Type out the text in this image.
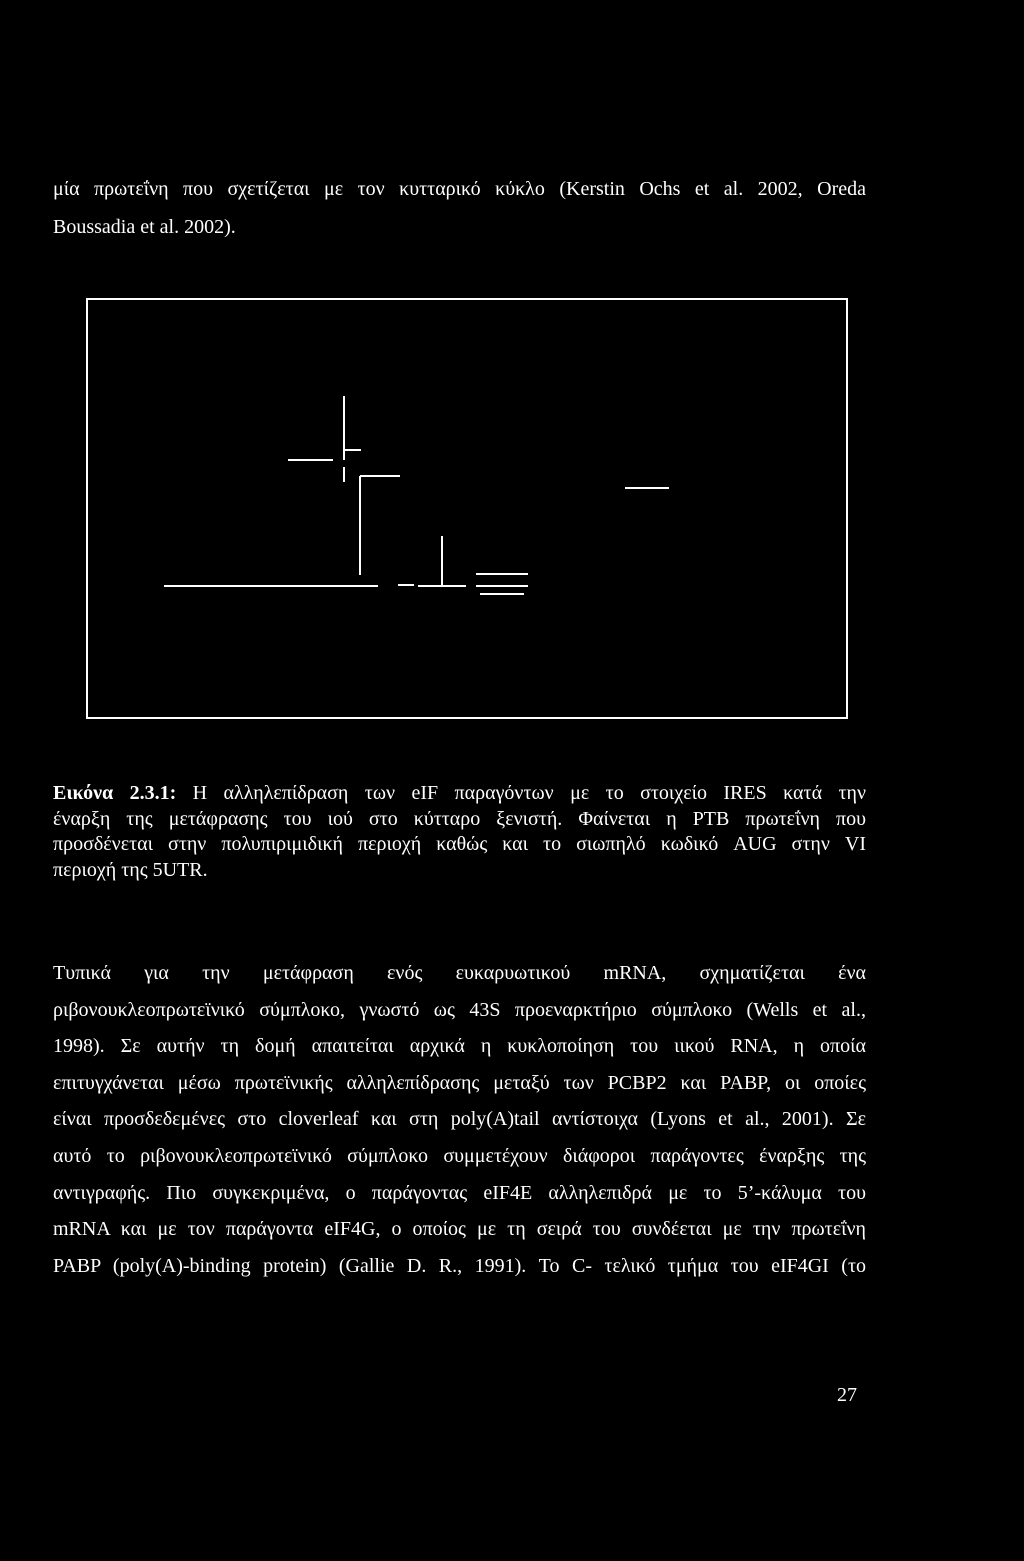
μία πρωτεΐνη που σχετίζεται με τον κυτταρικό κύκλο (Kerstin Ochs et al. 2002, Oreda
Boussadia et al. 2002).
Εικόνα 2.3.1: Η αλληλεπίδραση των eIF παραγόντων με το στοιχείο IRES κατά την
έναρξη της μετάφρασης του ιού στο κύτταρο ξενιστή. Φαίνεται η PTB πρωτεΐνη που
προσδένεται στην πολυπιριμιδική περιοχή καθώς και το σιωπηλό κωδικό AUG στην VI
περιοχή της 5UTR.
Τυπικά για την μετάφραση ενός ευκαρυωτικού mRNA, σχηματίζεται ένα
ριβονουκλεοπρωτεϊνικό σύμπλοκο, γνωστό ως 43S προεναρκτήριο σύμπλοκο (Wells et al.,
1998). Σε αυτήν τη δομή απαιτείται αρχικά η κυκλοποίηση του ιικού RNA, η οποία
επιτυγχάνεται μέσω πρωτεϊνικής αλληλεπίδρασης μεταξύ των PCBP2 και PABP, οι οποίες
είναι προσδεδεμένες στο cloverleaf και στη poly(A)tail αντίστοιχα (Lyons et al., 2001). Σε
αυτό το ριβονουκλεοπρωτεϊνικό σύμπλοκο συμμετέχουν διάφοροι παράγοντες έναρξης της
αντιγραφής. Πιο συγκεκριμένα, ο παράγοντας eIF4E αλληλεπιδρά με το 5’-κάλυμα του
mRNA και με τον παράγοντα eIF4G, ο οποίος με τη σειρά του συνδέεται με την πρωτεΐνη
PABP (poly(A)-binding protein) (Gallie D. R., 1991). Το C- τελικό τμήμα του eIF4GI (το
27
